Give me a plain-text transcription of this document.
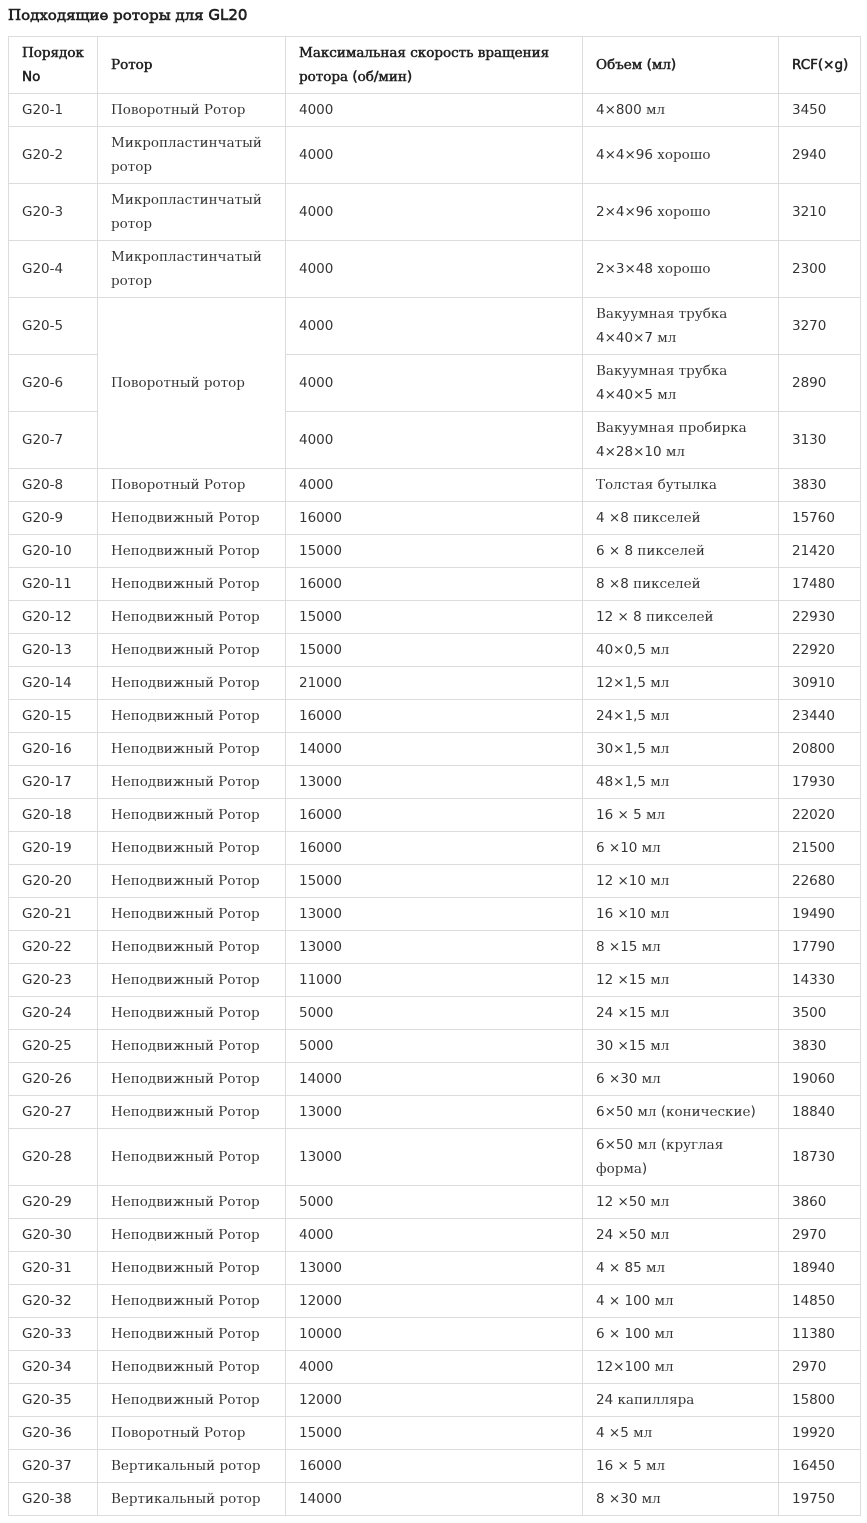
Подходящие роторы для GL20
Порядок No	Ротор	Максимальная скорость вращения ротора (об/мин)	Объем (мл)	RCF(×g)
G20-1	Поворотный Ротор	4000	4×800 мл	3450
G20-2	Микропластинчатый ротор	4000	4×4×96 хорошо	2940
G20-3	Микропластинчатый ротор	4000	2×4×96 хорошо	3210
G20-4	Микропластинчатый ротор	4000	2×3×48 хорошо	2300
G20-5	Поворотный ротор	4000	Вакуумная трубка 4×40×7 мл	3270
G20-6		4000	Вакуумная трубка 4×40×5 мл	2890
G20-7		4000	Вакуумная пробирка 4×28×10 мл	3130
G20-8	Поворотный Ротор	4000	Толстая бутылка	3830
G20-9	Неподвижный Ротор	16000	4 ×8 пикселей	15760
G20-10	Неподвижный Ротор	15000	6 × 8 пикселей	21420
G20-11	Неподвижный Ротор	16000	8 ×8 пикселей	17480
G20-12	Неподвижный Ротор	15000	12 × 8 пикселей	22930
G20-13	Неподвижный Ротор	15000	40×0,5 мл	22920
G20-14	Неподвижный Ротор	21000	12×1,5 мл	30910
G20-15	Неподвижный Ротор	16000	24×1,5 мл	23440
G20-16	Неподвижный Ротор	14000	30×1,5 мл	20800
G20-17	Неподвижный Ротор	13000	48×1,5 мл	17930
G20-18	Неподвижный Ротор	16000	16 × 5 мл	22020
G20-19	Неподвижный Ротор	16000	6 ×10 мл	21500
G20-20	Неподвижный Ротор	15000	12 ×10 мл	22680
G20-21	Неподвижный Ротор	13000	16 ×10 мл	19490
G20-22	Неподвижный Ротор	13000	8 ×15 мл	17790
G20-23	Неподвижный Ротор	11000	12 ×15 мл	14330
G20-24	Неподвижный Ротор	5000	24 ×15 мл	3500
G20-25	Неподвижный Ротор	5000	30 ×15 мл	3830
G20-26	Неподвижный Ротор	14000	6 ×30 мл	19060
G20-27	Неподвижный Ротор	13000	6×50 мл (конические)	18840
G20-28	Неподвижный Ротор	13000	6×50 мл (круглая форма)	18730
G20-29	Неподвижный Ротор	5000	12 ×50 мл	3860
G20-30	Неподвижный Ротор	4000	24 ×50 мл	2970
G20-31	Неподвижный Ротор	13000	4 × 85 мл	18940
G20-32	Неподвижный Ротор	12000	4 × 100 мл	14850
G20-33	Неподвижный Ротор	10000	6 × 100 мл	11380
G20-34	Неподвижный Ротор	4000	12×100 мл	2970
G20-35	Неподвижный Ротор	12000	24 капилляра	15800
G20-36	Поворотный Ротор	15000	4 ×5 мл	19920
G20-37	Вертикальный ротор	16000	16 × 5 мл	16450
G20-38	Вертикальный ротор	14000	8 ×30 мл	19750
